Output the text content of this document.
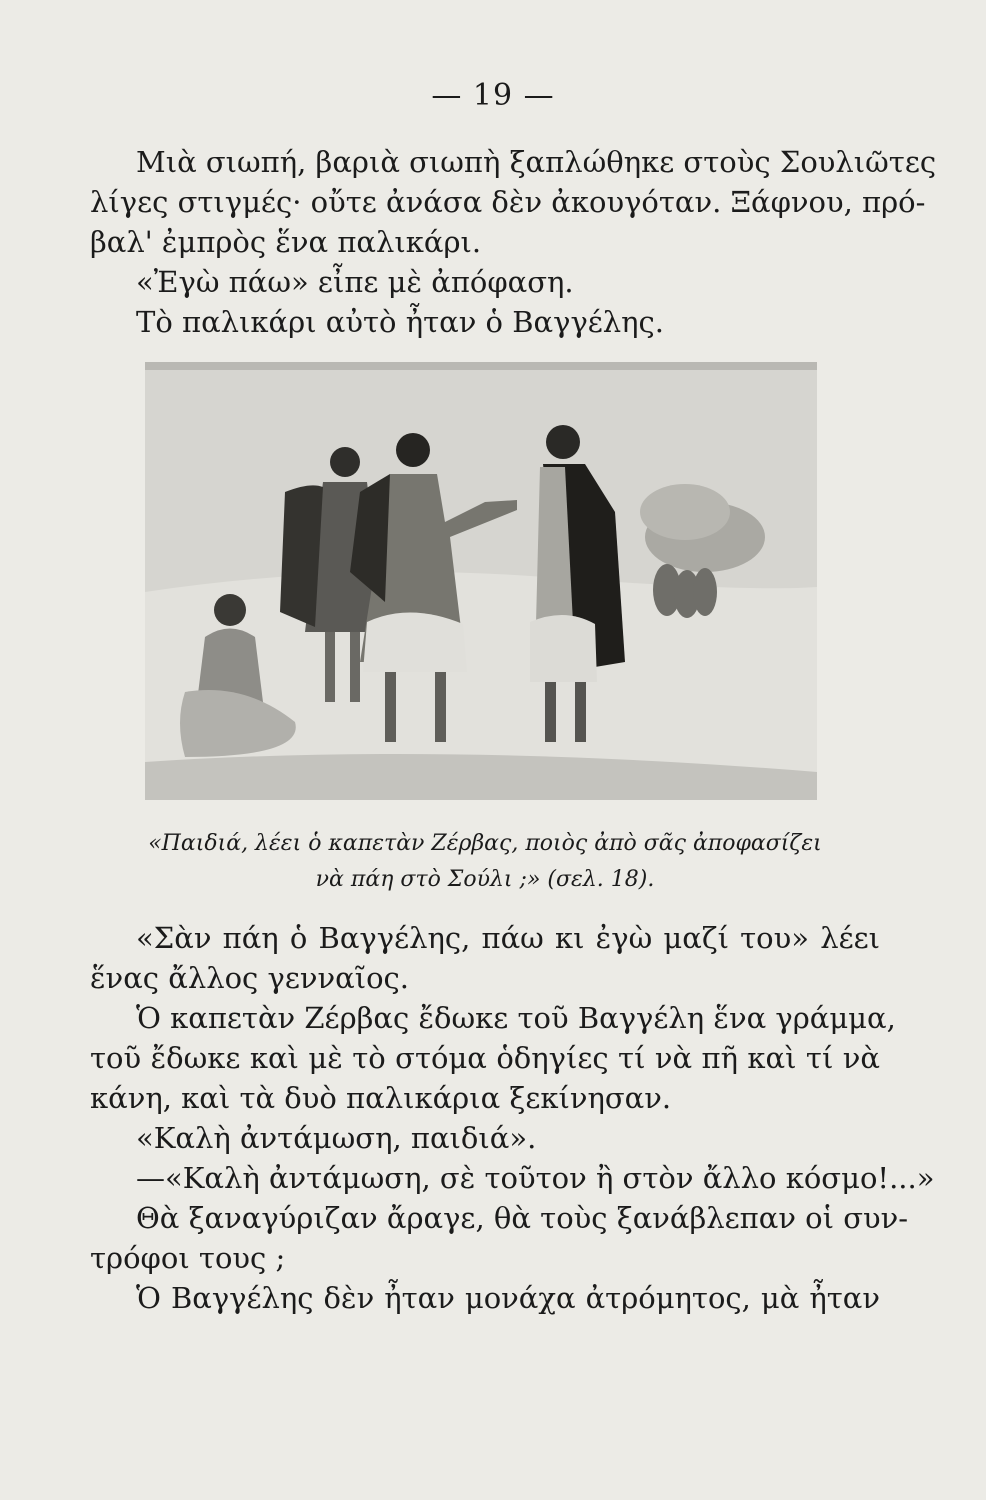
— 19 —
Μιὰ σιωπή, βαριὰ σιωπὴ ξαπλώθηκε στοὺς Σουλιῶτες
λίγες στιγμές· οὔτε ἀνάσα δὲν ἀκουγόταν. Ξάφνου, πρό-
βαλ' ἐμπρὸς ἕνα παλικάρι.
«Ἐγὼ πάω» εἶπε μὲ ἀπόφαση.
Τὸ παλικάρι αὐτὸ ἦταν ὁ Βαγγέλης.
«Παιδιά, λέει ὁ καπετὰν Ζέρβας, ποιὸς ἀπὸ σᾶς ἀποφασίζει
νὰ πάη στὸ Σούλι ;» (σελ. 18).
«Σὰν πάη ὁ Βαγγέλης, πάω κι ἐγὼ μαζί του» λέει
ἕνας ἄλλος γενναῖος.
Ὁ καπετὰν Ζέρβας ἔδωκε τοῦ Βαγγέλη ἕνα γράμμα,
τοῦ ἔδωκε καὶ μὲ τὸ στόμα ὁδηγίες τί νὰ πῆ καὶ τί νὰ
κάνη, καὶ τὰ δυὸ παλικάρια ξεκίνησαν.
«Καλὴ ἀντάμωση, παιδιά».
—«Καλὴ ἀντάμωση, σὲ τοῦτον ἢ στὸν ἄλλο κόσμο!...»
Θὰ ξαναγύριζαν ἄραγε, θὰ τοὺς ξανάβλεπαν οἱ συν-
τρόφοι τους ;
Ὁ Βαγγέλης δὲν ἦταν μονάχα ἀτρόμητος, μὰ ἦταν
